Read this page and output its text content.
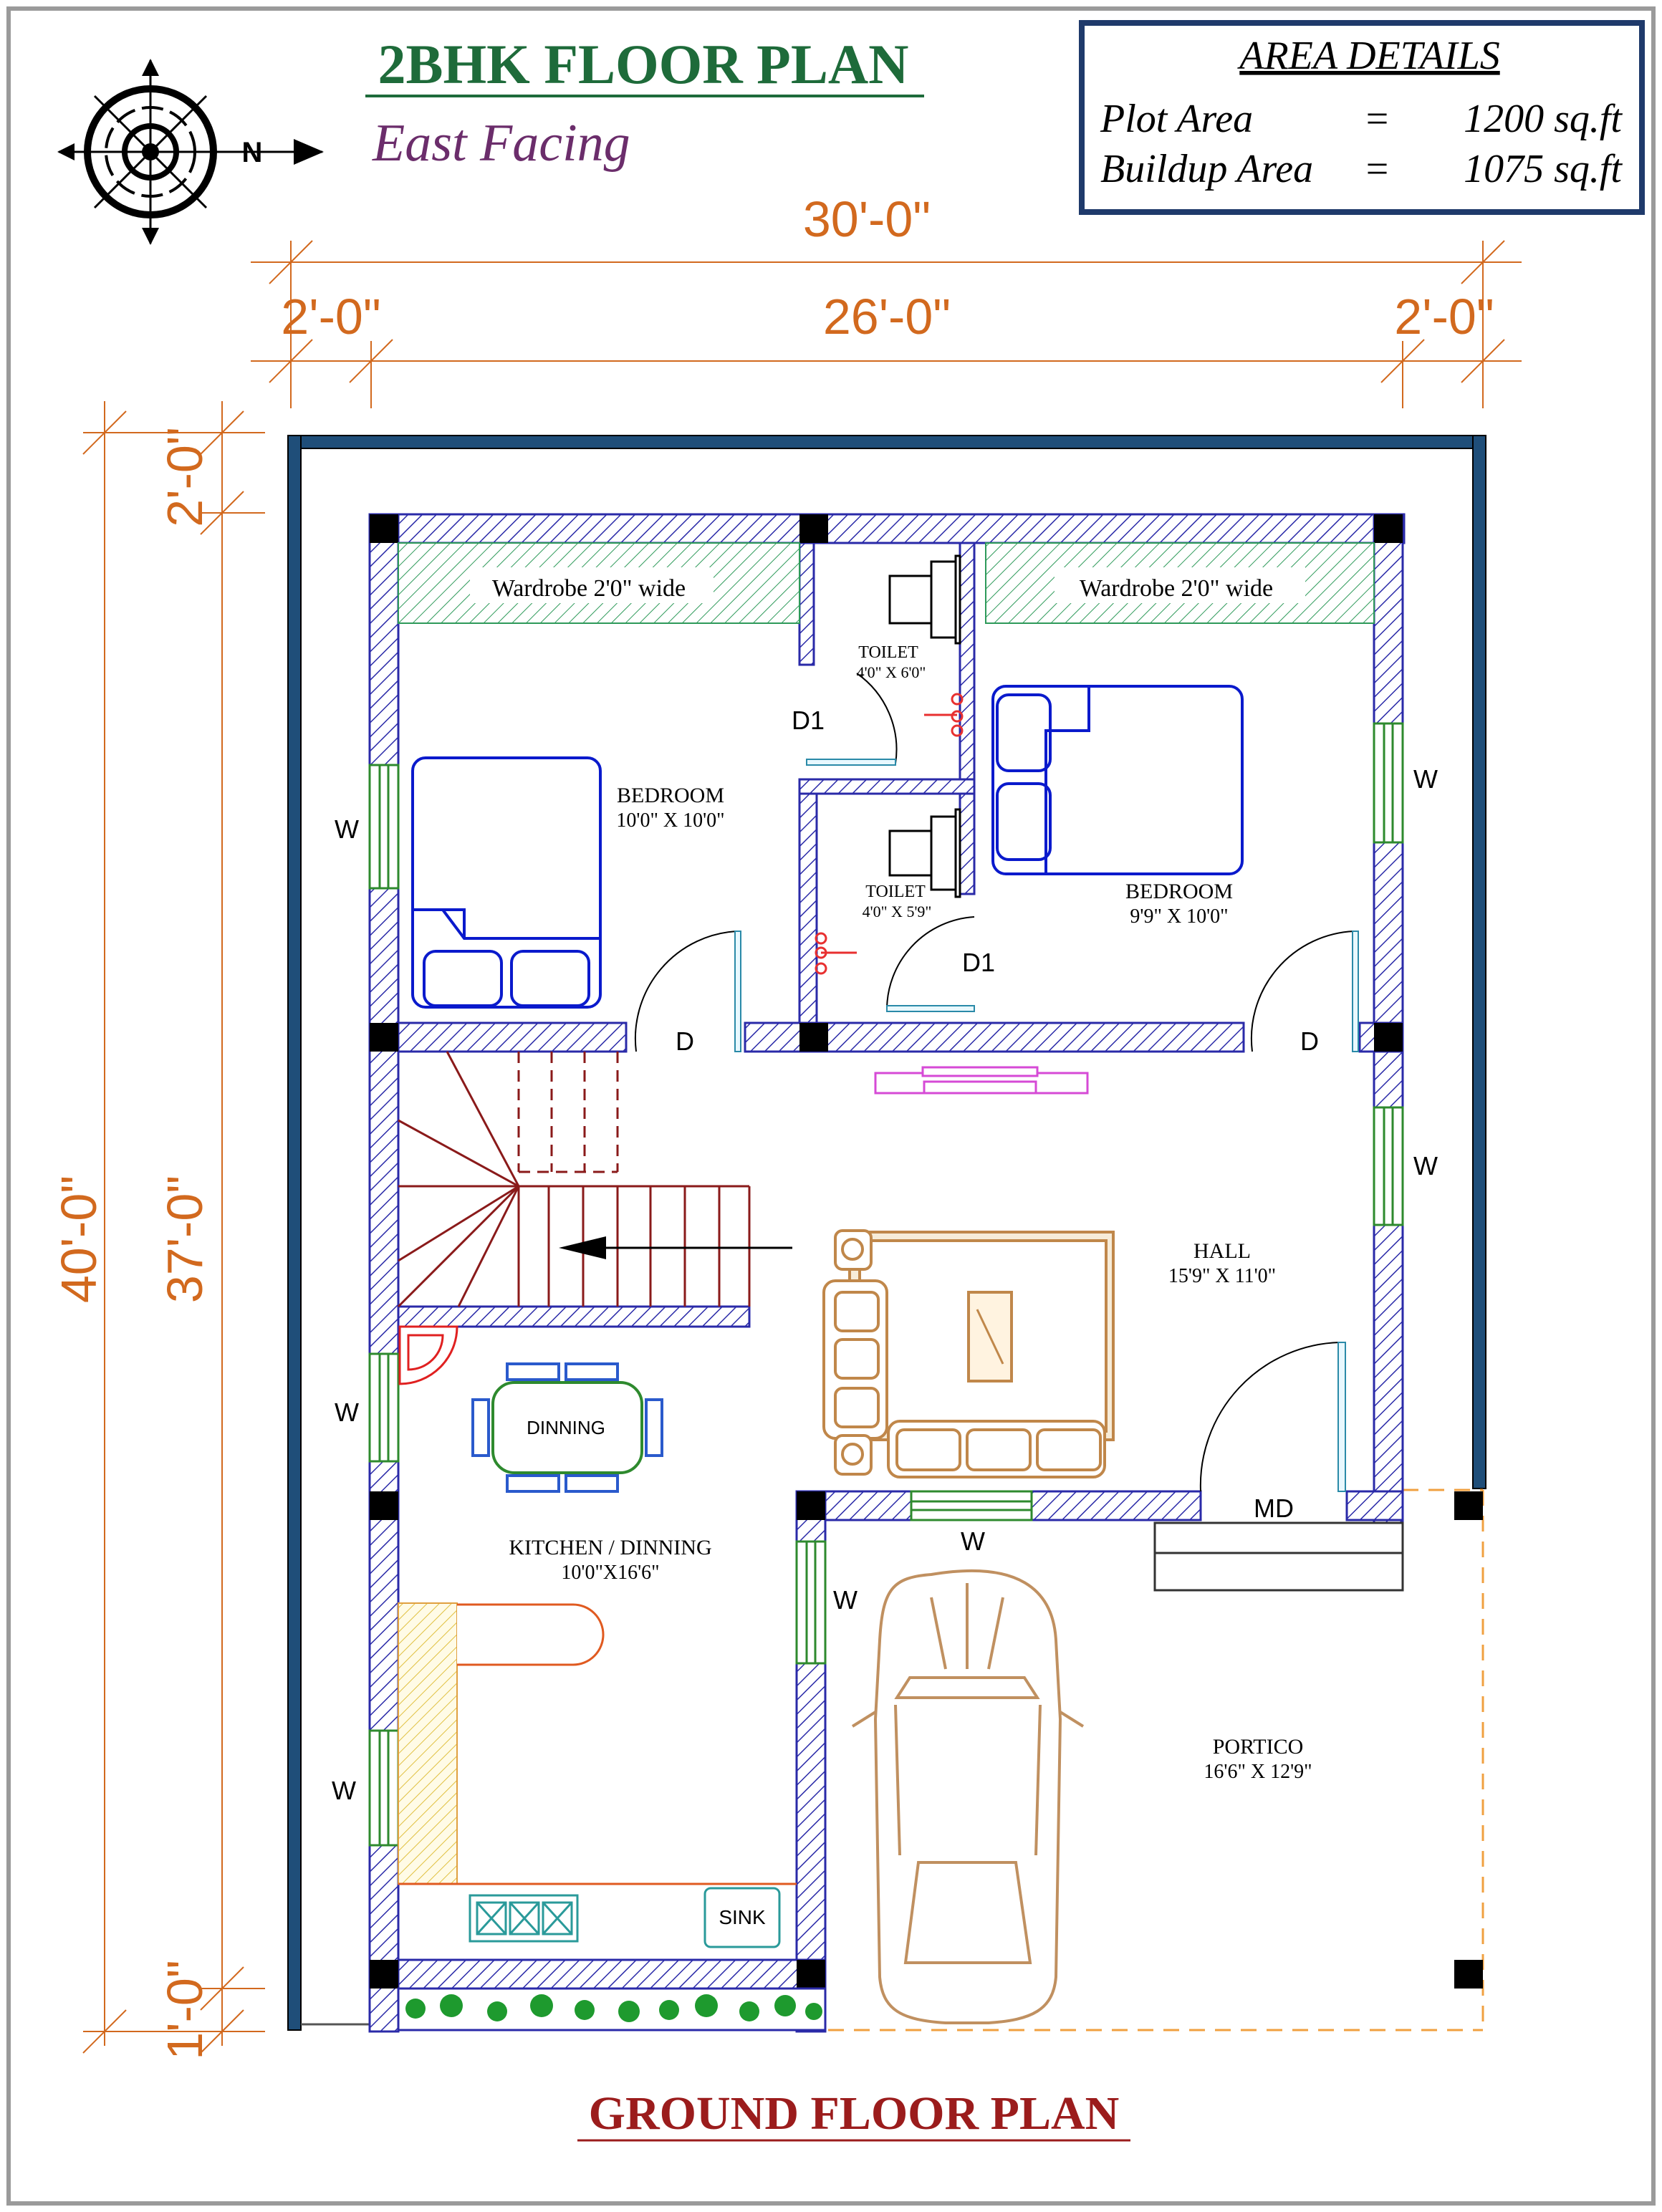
N
2BHK FLOOR PLAN
East Facing
AREA DETAILS
Plot Area	= 1200 sq.ft
Buildup Area = 1075 sq.ft
30'-0"
2'-0"	26'-0"	2'-0"
40'-0"
2'-0"
37'-0"
1'-0"
Wardrobe 2'0" wide	Wardrobe 2'0" wide
TOILET
4'0" X 6'0"
TOILET
4'0" X 5'9"
BEDROOM
10'0" X 10'0"
BEDROOM
9'9" X 10'0"
HALL
15'9" X 11'0"
KITCHEN / DINNING
10'0"X16'6"
PORTICO
16'6" X 12'9"
DINNING
SINK
D	D
D1
D1
MD
W
W
W
W
W
W
W
GROUND FLOOR PLAN
